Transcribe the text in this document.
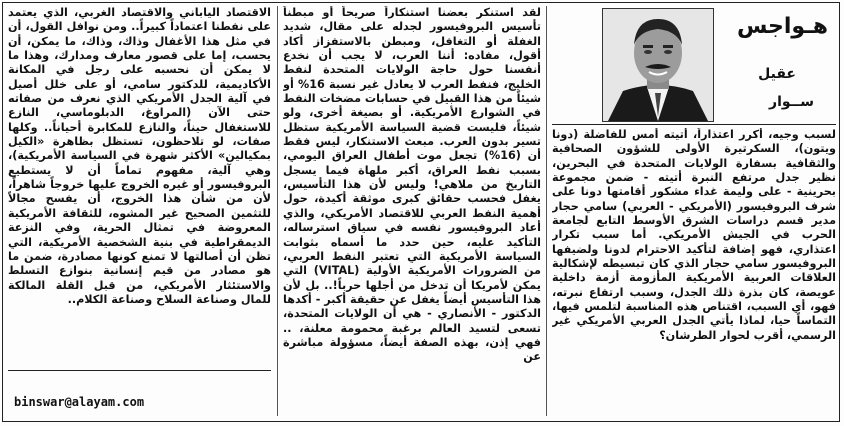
هـواجس
عقيل
ســوار

لسبب وجيه، أكرر اعتذاراً، أتيته أمس للفاضلة (دونا ويتون)، السكرتيرة الأولى للشؤون الصحافية والثقافية بسفارة الولايات المتحدة في البحرين، نظير جدل مرتفع النبرة أتيته - ضمن مجموعة بحرينية - على وليمة غداء مشكور أقامتها دونا على شرف البروفيسور (الأمريكي - العربي) سامي حجار مدير قسم دراسات الشرق الأوسط التابع لجامعة الحرب في الجيش الأمريكي. أما سبب تكرار اعتذاري، فهو إضافة لتأكيد الاحترام لدونا ولضيفها البروفيسور سامي حجار الذي كان تبسيطه لإشكالية العلاقات العربية الأمريكية المأزومة أزمة داخلية عويصة، كان بذرة ذلك الجدل، وسبب ارتفاع نبرته، فهو، أي السبب، اقتناص هذه المناسبة لتلمس فيها، التماساً حيا، لماذا يأتي الجدل العربي الأمريكي غير الرسمي، أقرب لحوار الطرشان؟

لقد استنكر بعضنا استنكاراً صريحاً أو مبطناً تأسيس البروفيسور لجدله على مقال، شديد الغفلة أو التغافل، ومبطن بالاستفزاز أكاد أقول، مفاده: أننا العرب، لا يجب أن نخدع أنفسنا حول حاجة الولايات المتحدة لنفط الخليج، فنفط العرب لا يعادل غير نسبة 16% أو شيئاً من هذا القبيل في حسابات مضخات النفط في الشوارع الأمريكية. أو بصيغة أخرى، ولو شيئاً، فليست قضية السياسة الأمريكية ستظل تسير بدون العرب. مبعث الاستنكار، ليس فقط أن (16%) تجعل موت أطفال العراق اليومي، بسبب نفط العراق، أكبر ملهاة فيما يسجل التاريخ من ملاهي! وليس لأن هذا التأسيس، يغفل فحسب حقائق كبرى موثقة أكيدة، حول أهمية النفط العربي للاقتصاد الأمريكي، والذي أعاد البروفيسور نفسه في سياق استرساله، التأكيد عليه، حين حدد ما أسماه بثوابت السياسة الأمريكية التي تعتبر النفط العربي، من الضرورات الأمريكية الأولية (VITAL) التي يمكن لأمريكا أن تدخل من أجلها حرباً!.. بل لأن هذا التأسيس أيضاً يغفل عن حقيقة أكبر - أكدها الدكتور - الأنصاري - هي أن الولايات المتحدة، تسعى لتسيد العالم برغبة محمومة معلنة، .. فهي إذن، بهذه الصفة أيضاً، مسؤولة مباشرة عن

الاقتصاد الياباني والاقتصاد الغربي، الذي يعتمد على نفطنا اعتماداً كبيراً.. ومن نوافل القول، أن في مثل هذا الأغفال وذاك، وذاك، ما يمكن، أن يحسب، إما على قصور معارف ومدارك، وهذا ما لا يمكن أن نحسبه على رجل في المكانة الأكاديمية، للدكتور سامي، أو على خلل أصيل في آلية الجدل الأمريكي الذي نعرف من صفاته حتى الآن (المراوغ، الدبلوماسي، النازع للاستغفال حيناً، والنازع للمكابرة أحياناً.. وكلها صفات، لو تلاحظون، تستظل بظاهرة «الكيل بمكيالين» الأكثر شهرة في السياسة الأمريكية)، وهي آلية، مفهوم تماماً أن لا يستطيع البروفيسور أو غيره الخروج عليها خروجاً شاهراً، لأن من شأن هذا الخروج، أن يفسح مجالاً للتثمين الصحيح غير المشوه، للثقافة الأمريكية المعروضة في تمثال الحرية، وفي النزعة الديمقراطية في بنية الشخصية الأمريكية، التي تظن أن أصالتها لا تمنع كونها مصادرة، ضمن ما هو مصادر من قيم إنسانية بنوازع التسلط والاستئثار الأمريكي، من قبل القلة المالكة للمال وصناعة السلاح وصناعة الكلام..

binswar@alayam.com
